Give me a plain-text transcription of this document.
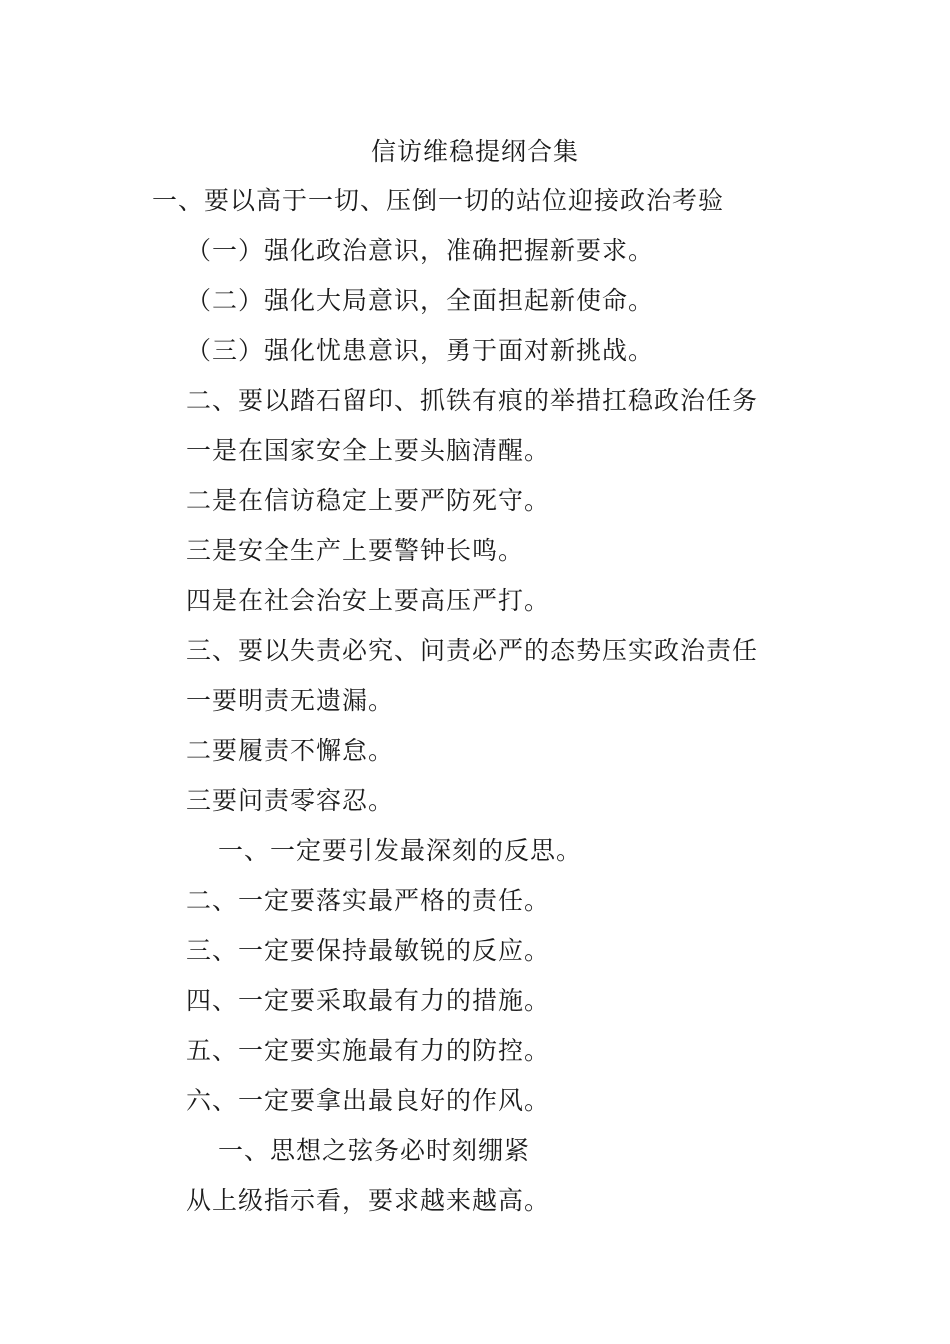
信访维稳提纲合集
一、要以高于一切、压倒一切的站位迎接政治考验
（一）强化政治意识，准确把握新要求。
（二）强化大局意识，全面担起新使命。
（三）强化忧患意识，勇于面对新挑战。
二、要以踏石留印、抓铁有痕的举措扛稳政治任务
一是在国家安全上要头脑清醒。
二是在信访稳定上要严防死守。
三是安全生产上要警钟长鸣。
四是在社会治安上要高压严打。
三、要以失责必究、问责必严的态势压实政治责任
一要明责无遗漏。
二要履责不懈怠。
三要问责零容忍。
一、一定要引发最深刻的反思。
二、一定要落实最严格的责任。
三、一定要保持最敏锐的反应。
四、一定要采取最有力的措施。
五、一定要实施最有力的防控。
六、一定要拿出最良好的作风。
一、思想之弦务必时刻绷紧
从上级指示看，要求越来越高。
